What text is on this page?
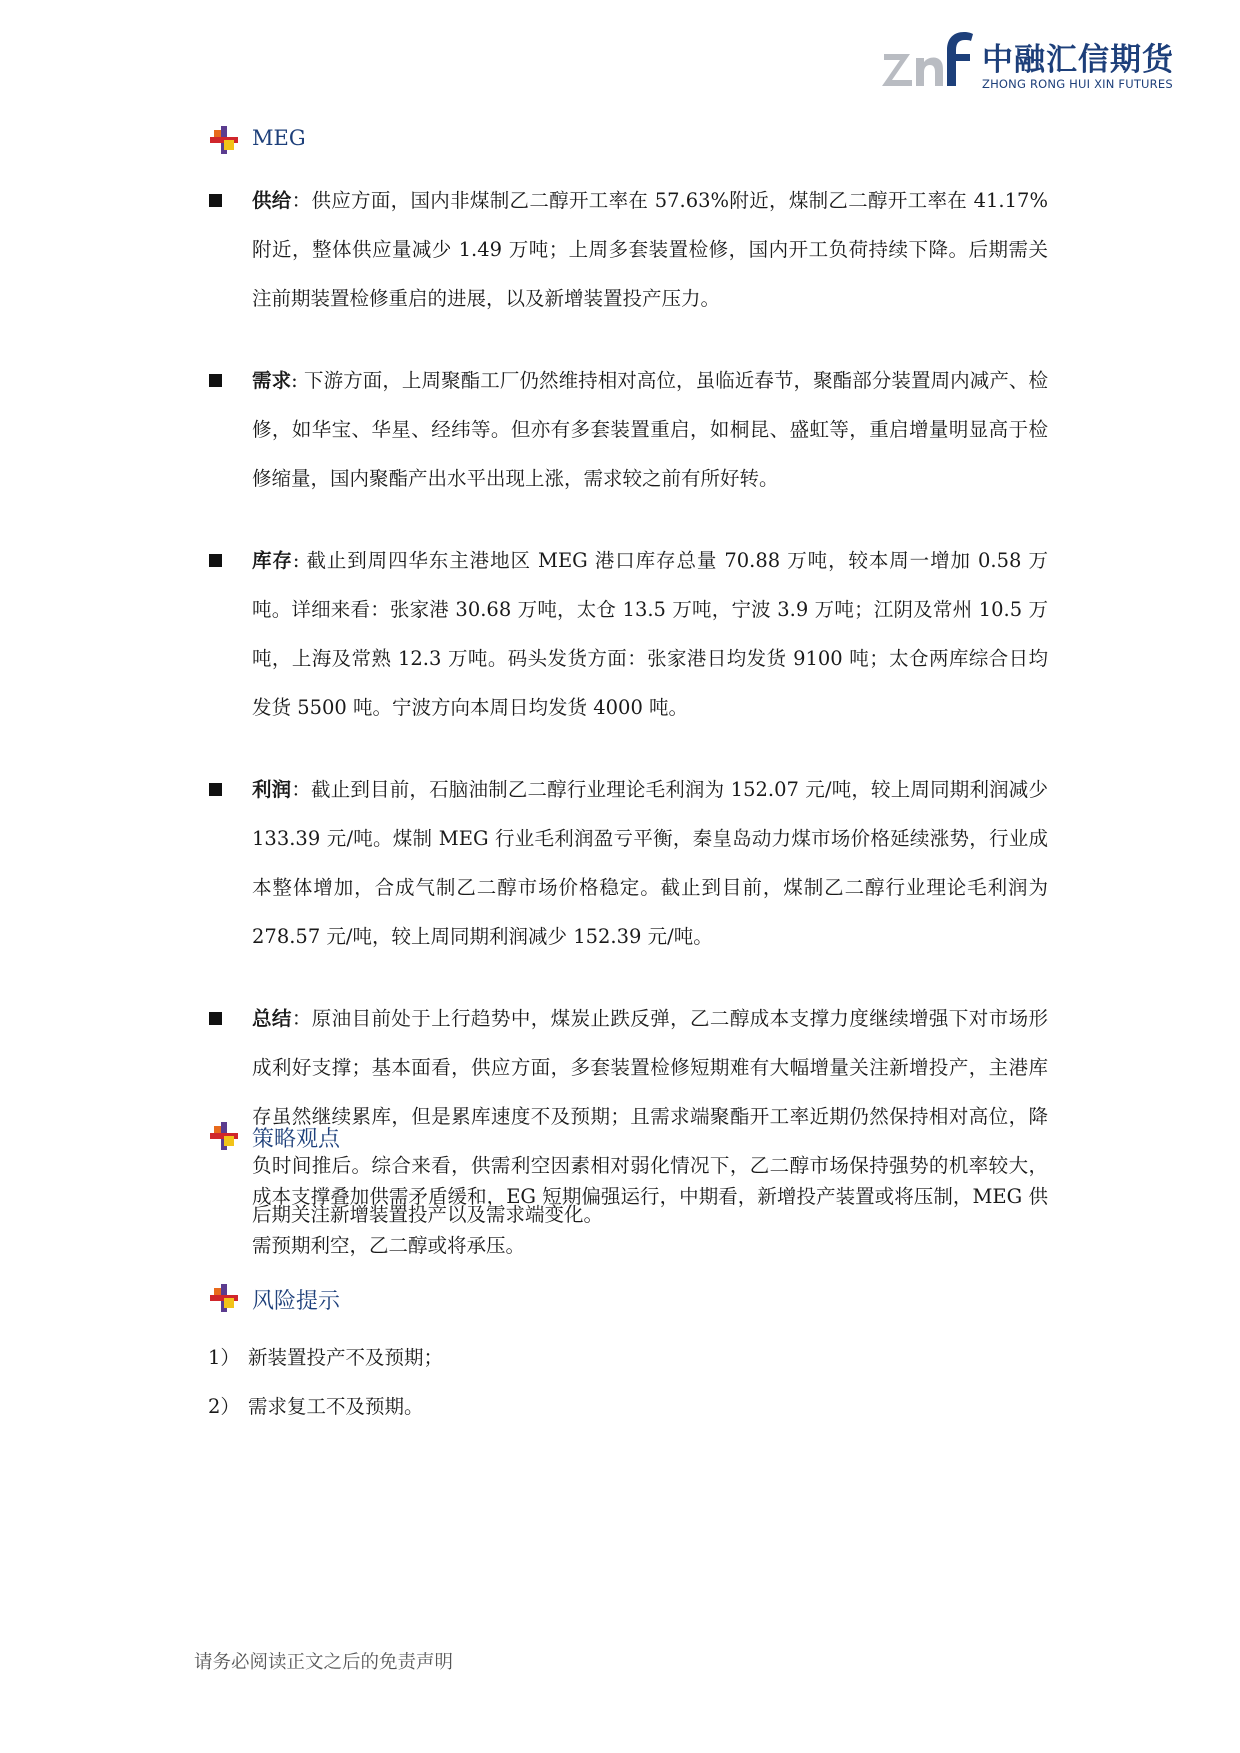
中融汇信期货
ZHONG RONG HUI XIN FUTURES
MEG
供给：供应方面，国内非煤制乙二醇开工率在 57.63%附近，煤制乙二醇开工率在 41.17%附近，整体供应量减少 1.49 万吨；上周多套装置检修，国内开工负荷持续下降。后期需关注前期装置检修重启的进展，以及新增装置投产压力。
需求: 下游方面，上周聚酯工厂仍然维持相对高位，虽临近春节，聚酯部分装置周内减产、检修，如华宝、华星、经纬等。但亦有多套装置重启，如桐昆、盛虹等，重启增量明显高于检修缩量，国内聚酯产出水平出现上涨，需求较之前有所好转。
库存: 截止到周四华东主港地区 MEG 港口库存总量 70.88 万吨，较本周一增加 0.58 万吨。详细来看：张家港 30.68 万吨，太仓 13.5 万吨，宁波 3.9 万吨；江阴及常州 10.5 万吨，上海及常熟 12.3 万吨。码头发货方面：张家港日均发货 9100 吨；太仓两库综合日均发货 5500 吨。宁波方向本周日均发货 4000 吨。
利润：截止到目前，石脑油制乙二醇行业理论毛利润为 152.07 元/吨，较上周同期利润减少 133.39 元/吨。煤制 MEG 行业毛利润盈亏平衡，秦皇岛动力煤市场价格延续涨势，行业成本整体增加，合成气制乙二醇市场价格稳定。截止到目前，煤制乙二醇行业理论毛利润为 278.57 元/吨，较上周同期利润减少 152.39 元/吨。
总结：原油目前处于上行趋势中，煤炭止跌反弹，乙二醇成本支撑力度继续增强下对市场形成利好支撑；基本面看，供应方面，多套装置检修短期难有大幅增量关注新增投产，主港库存虽然继续累库，但是累库速度不及预期；且需求端聚酯开工率近期仍然保持相对高位，降负时间推后。综合来看，供需利空因素相对弱化情况下，乙二醇市场保持强势的机率较大，后期关注新增装置投产以及需求端变化。
策略观点
成本支撑叠加供需矛盾缓和，EG 短期偏强运行，中期看，新增投产装置或将压制，MEG 供需预期利空，乙二醇或将承压。
风险提示
1） 新装置投产不及预期；
2） 需求复工不及预期。
请务必阅读正文之后的免责声明
